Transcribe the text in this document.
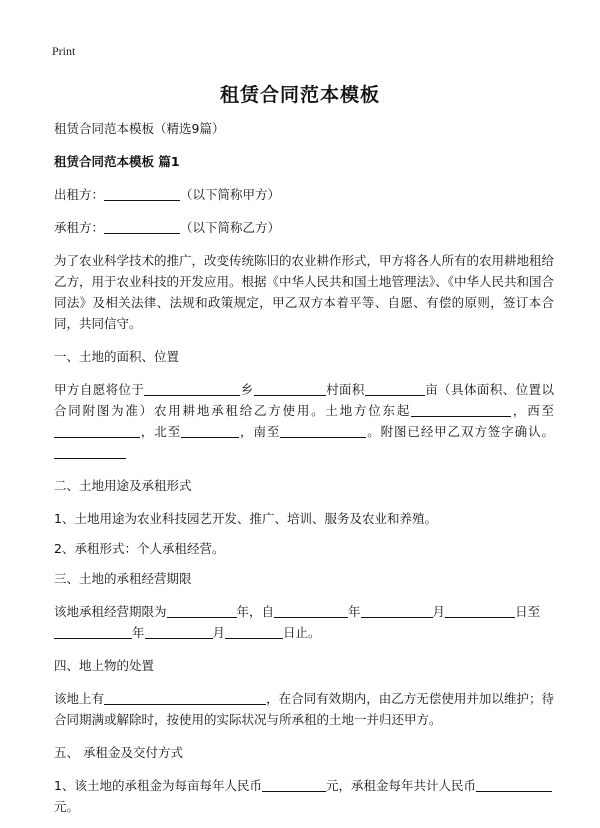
Print
租赁合同范本模板

租赁合同范本模板（精选9篇）

租赁合同范本模板 篇1

出租方：	（以下简称甲方）

承租方：	（以下简称乙方）

为了农业科学技术的推广，改变传统陈旧的农业耕作形式，甲方将各人所有的农用耕地租给乙方，用于农业科技的开发应用。根据《中华人民共和国土地管理法》、《中华人民共和国合同法》及相关法律、法规和政策规定，甲乙双方本着平等、自愿、有偿的原则，签订本合同，共同信守。

一、土地的面积、位置

甲方自愿将位于	乡	村面积	亩（具体面积、位置以合同附图为准）农用耕地承租给乙方使用。土地方位东起	，西至，北至	，南至	。附图已经甲乙双方签字确认。

二、土地用途及承租形式

1、土地用途为农业科技园艺开发、推广、培训、服务及农业和养殖。

2、承租形式：个人承租经营。

三、土地的承租经营期限

该地承租经营期限为	年，自	年	月	日至年	月	日止。

四、地上物的处置

该地上有	，在合同有效期内，由乙方无偿使用并加以维护；待合同期满或解除时，按使用的实际状况与所承租的土地一并归还甲方。

五、 承租金及交付方式

1、该土地的承租金为每亩每年人民币	元，承租金每年共计人民币元。
